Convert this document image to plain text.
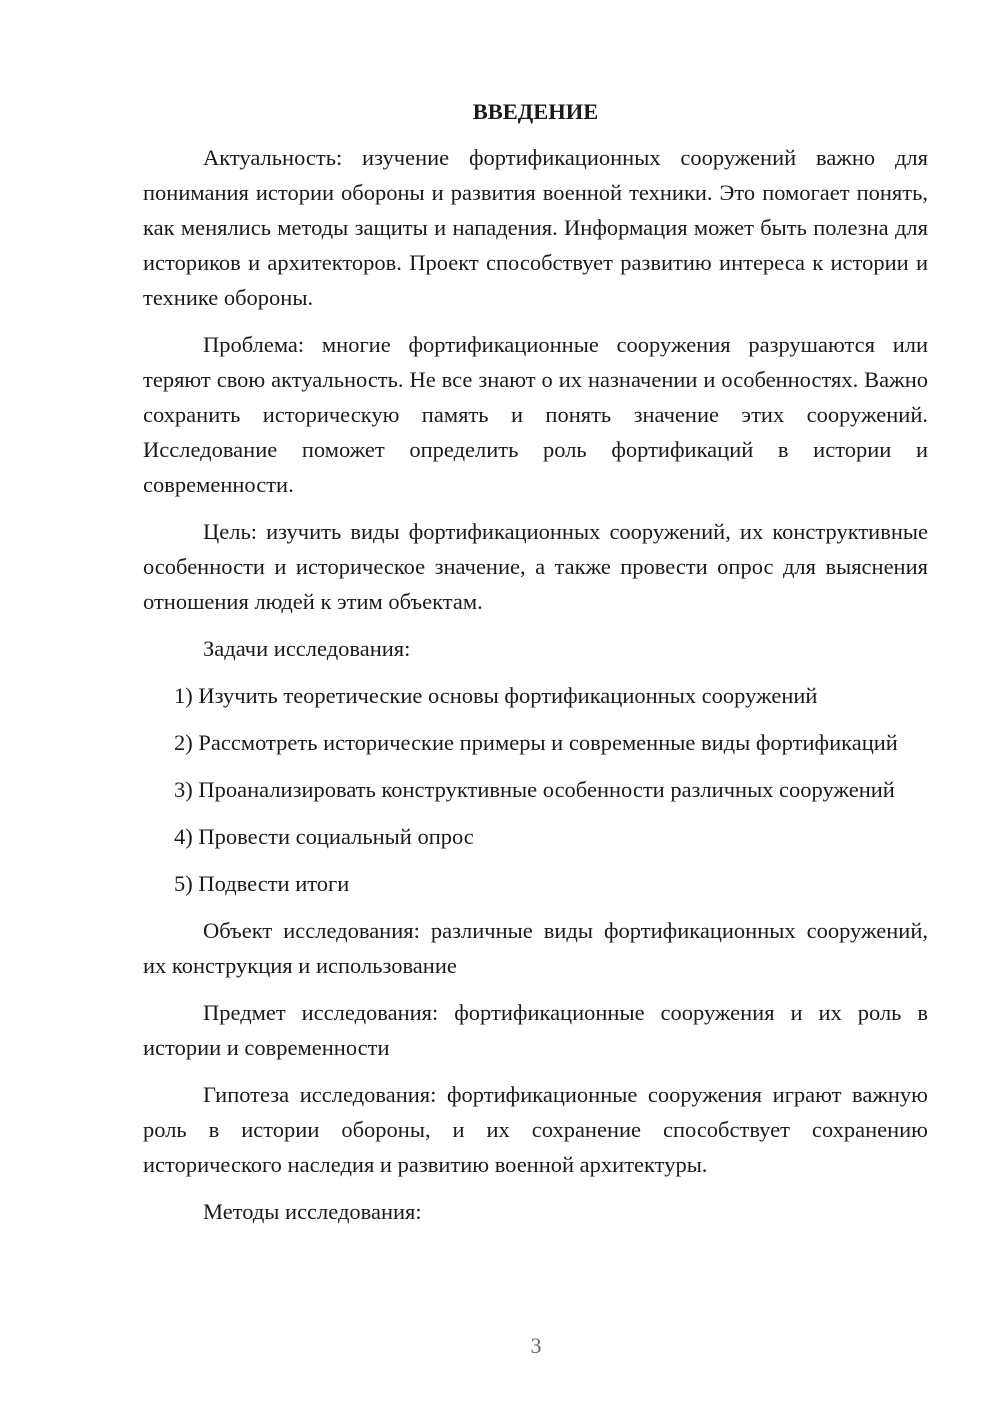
ВВЕДЕНИЕ

Актуальность: изучение фортификационных сооружений важно для понимания истории обороны и развития военной техники. Это помогает понять, как менялись методы защиты и нападения. Информация может быть полезна для историков и архитекторов. Проект способствует развитию интереса к истории и технике обороны.

Проблема: многие фортификационные сооружения разрушаются или теряют свою актуальность. Не все знают о их назначении и особенностях. Важно сохранить историческую память и понять значение этих сооружений. Исследование поможет определить роль фортификаций в истории и современности.

Цель: изучить виды фортификационных сооружений, их конструктивные особенности и историческое значение, а также провести опрос для выяснения отношения людей к этим объектам.

Задачи исследования:

1) Изучить теоретические основы фортификационных сооружений

2) Рассмотреть исторические примеры и современные виды фортификаций

3) Проанализировать конструктивные особенности различных сооружений

4) Провести социальный опрос

5) Подвести итоги

Объект исследования: различные виды фортификационных сооружений, их конструкция и использование

Предмет исследования: фортификационные сооружения и их роль в истории и современности

Гипотеза исследования: фортификационные сооружения играют важную роль в истории обороны, и их сохранение способствует сохранению исторического наследия и развитию военной архитектуры.

Методы исследования:

3
